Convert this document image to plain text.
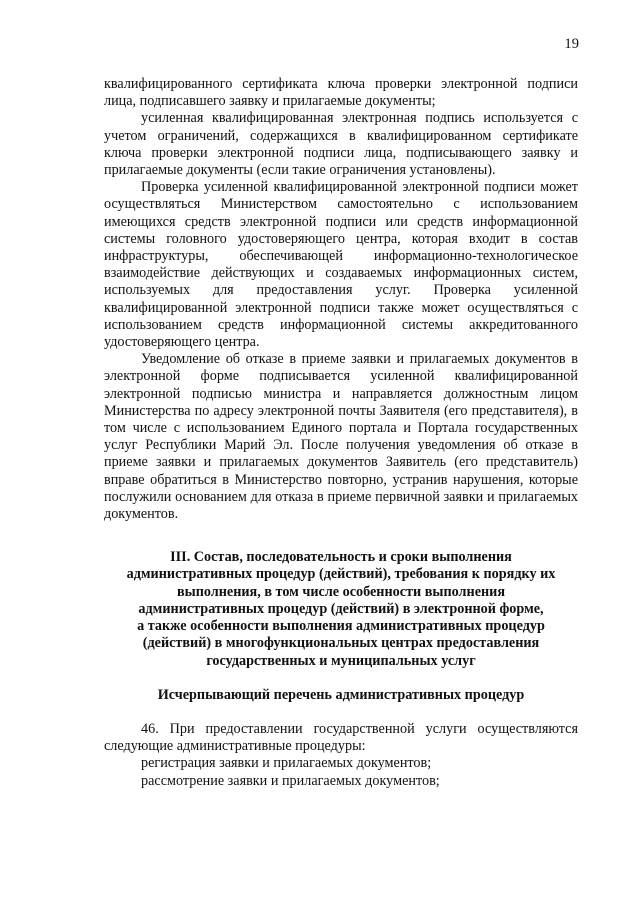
19

квалифицированного сертификата ключа проверки электронной подписи лица, подписавшего заявку и прилагаемые документы;

усиленная квалифицированная электронная подпись используется с учетом ограничений, содержащихся в квалифицированном сертификате ключа проверки электронной подписи лица, подписывающего заявку и прилагаемые документы (если такие ограничения установлены).

Проверка усиленной квалифицированной электронной подписи может осуществляться Министерством самостоятельно с использованием имеющихся средств электронной подписи или средств информационной системы головного удостоверяющего центра, которая входит в состав инфраструктуры, обеспечивающей информационно-технологическое взаимодействие действующих и создаваемых информационных систем, используемых для предоставления услуг. Проверка усиленной квалифицированной электронной подписи также может осуществляться с использованием средств информационной системы аккредитованного удостоверяющего центра.

Уведомление об отказе в приеме заявки и прилагаемых документов в электронной форме подписывается усиленной квалифицированной электронной подписью министра и направляется должностным лицом Министерства по адресу электронной почты Заявителя (его представителя), в том числе с использованием Единого портала и Портала государственных услуг Республики Марий Эл. После получения уведомления об отказе в приеме заявки и прилагаемых документов Заявитель (его представитель) вправе обратиться в Министерство повторно, устранив нарушения, которые послужили основанием для отказа в приеме первичной заявки и прилагаемых документов.

III. Состав, последовательность и сроки выполнения

административных процедур (действий), требования к порядку их

выполнения, в том числе особенности выполнения

административных процедур (действий) в электронной форме,

а также особенности выполнения административных процедур

(действий) в многофункциональных центрах предоставления

государственных и муниципальных услуг

Исчерпывающий перечень административных процедур

46. При предоставлении государственной услуги осуществляются следующие административные процедуры:

регистрация заявки и прилагаемых документов;

рассмотрение заявки и прилагаемых документов;
